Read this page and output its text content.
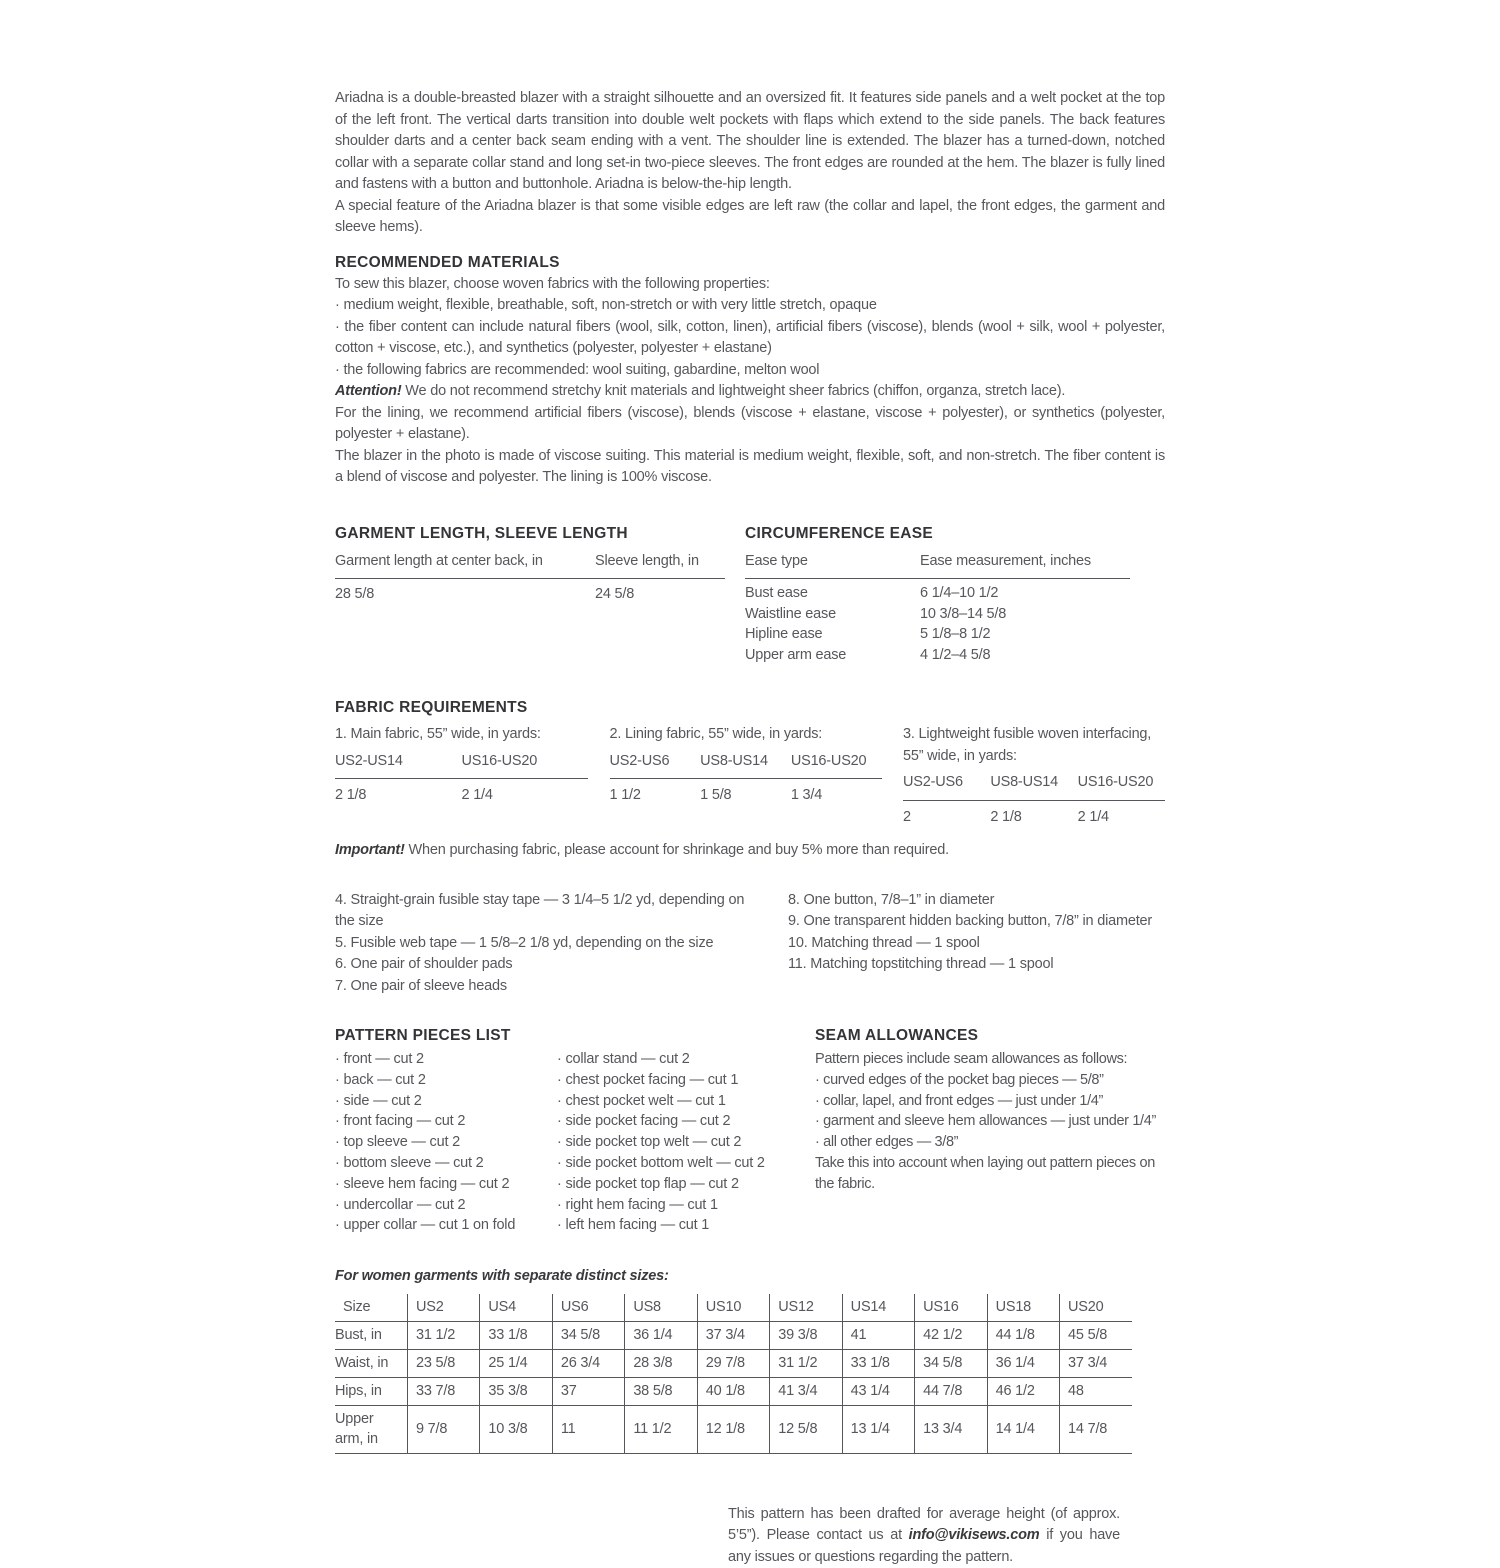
Ariadna is a double-breasted blazer with a straight silhouette and an oversized fit. It features side panels and a welt pocket at the top of the left front. The vertical darts transition into double welt pockets with flaps which extend to the side panels. The back features shoulder darts and a center back seam ending with a vent. The shoulder line is extended. The blazer has a turned-down, notched collar with a separate collar stand and long set-in two-piece sleeves. The front edges are rounded at the hem. The blazer is fully lined and fastens with a button and buttonhole. Ariadna is below-the-hip length.

A special feature of the Ariadna blazer is that some visible edges are left raw (the collar and lapel, the front edges, the garment and sleeve hems).

RECOMMENDED MATERIALS
To sew this blazer, choose woven fabrics with the following properties:
· medium weight, flexible, breathable, soft, non-stretch or with very little stretch, opaque
· the fiber content can include natural fibers (wool, silk, cotton, linen), artificial fibers (viscose), blends (wool + silk, wool + polyester, cotton + viscose, etc.), and synthetics (polyester, polyester + elastane)
· the following fabrics are recommended: wool suiting, gabardine, melton wool
Attention! We do not recommend stretchy knit materials and lightweight sheer fabrics (chiffon, organza, stretch lace).
For the lining, we recommend artificial fibers (viscose), blends (viscose + elastane, viscose + polyester), or synthetics (polyester, polyester + elastane).
The blazer in the photo is made of viscose suiting. This material is medium weight, flexible, soft, and non-stretch. The fiber content is a blend of viscose and polyester. The lining is 100% viscose.
GARMENT LENGTH, SLEEVE LENGTH
Garment length at center back, in	Sleeve length, in
28 5/8	24 5/8
CIRCUMFERENCE EASE
Ease type	Ease measurement, inches
Bust ease	6 1/4–10 1/2
Waistline ease	10 3/8–14 5/8
Hipline ease	5 1/8–8 1/2
Upper arm ease	4 1/2–4 5/8
FABRIC REQUIREMENTS
1. Main fabric, 55” wide, in yards:
US2-US14	US16-US20
2 1/8	2 1/4
2. Lining fabric, 55” wide, in yards:
US2-US6	US8-US14	US16-US20
1 1/2	1 5/8	1 3/4
3. Lightweight fusible woven interfacing, 55” wide, in yards:
US2-US6	US8-US14	US16-US20
2	2 1/8	2 1/4
Important! When purchasing fabric, please account for shrinkage and buy 5% more than required.
4. Straight-grain fusible stay tape — 3 1/4–5 1/2 yd, depending on the size
5. Fusible web tape — 1 5/8–2 1/8 yd, depending on the size
6. One pair of shoulder pads
7. One pair of sleeve heads
8. One button, 7/8–1” in diameter
9. One transparent hidden backing button, 7/8” in diameter
10. Matching thread — 1 spool
11. Matching topstitching thread — 1 spool
PATTERN PIECES LIST
· front — cut 2
· back — cut 2
· side — cut 2
· front facing — cut 2
· top sleeve — cut 2
· bottom sleeve — cut 2
· sleeve hem facing — cut 2
· undercollar — cut 2
· upper collar — cut 1 on fold
· collar stand — cut 2
· chest pocket facing — cut 1
· chest pocket welt — cut 1
· side pocket facing — cut 2
· side pocket top welt — cut 2
· side pocket bottom welt — cut 2
· side pocket top flap — cut 2
· right hem facing — cut 1
· left hem facing — cut 1
SEAM ALLOWANCES
Pattern pieces include seam allowances as follows:
· curved edges of the pocket bag pieces — 5/8”
· collar, lapel, and front edges — just under 1/4”
· garment and sleeve hem allowances — just under 1/4”
· all other edges — 3/8”
Take this into account when laying out pattern pieces on the fabric.
For women garments with separate distinct sizes:
Size	US2	US4	US6	US8	US10	US12	US14	US16	US18	US20
Bust, in	31 1/2	33 1/8	34 5/8	36 1/4	37 3/4	39 3/8	41	42 1/2	44 1/8	45 5/8
Waist, in	23 5/8	25 1/4	26 3/4	28 3/8	29 7/8	31 1/2	33 1/8	34 5/8	36 1/4	37 3/4
Hips, in	33 7/8	35 3/8	37	38 5/8	40 1/8	41 3/4	43 1/4	44 7/8	46 1/2	48
Upper arm, in	9 7/8	10 3/8	11	11 1/2	12 1/8	12 5/8	13 1/4	13 3/4	14 1/4	14 7/8

This pattern has been drafted for average height (of approx. 5’5”). Please contact us at info@vikisews.com if you have any issues or questions regarding the pattern.
